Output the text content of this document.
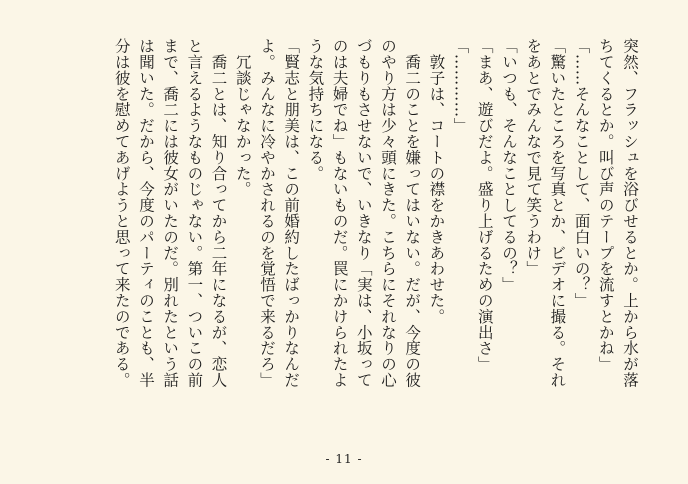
突然、フラッシュを浴びせるとか。上から水が落
ちてくるとか。叫び声のテープを流すとかね」
「……そんなことして、面白いの？」
「驚いたところを写真とか、ビデオに撮る。それ
をあとでみんなで見て笑うわけ」
「いつも、そんなことしてるの？」
「まあ、遊びだよ。盛り上げるための演出さ」
「…………」
　敦子は、コートの襟をかきあわせた。
　喬二のことを嫌ってはいない。だが、今度の彼
のやり方は少々頭にきた。こちらにそれなりの心
づもりもさせないで、いきなり「実は、小坂って
のは夫婦でね」もないものだ。罠にかけられたよ
うな気持ちになる。
「賢志と朋美は、この前婚約したばっかりなんだ
よ。みんなに冷やかされるのを覚悟で来るだろ」
　冗談じゃなかった。
　喬二とは、知り合ってから二年になるが、恋人
と言えるようなものじゃない。第一、ついこの前
まで、喬二には彼女がいたのだ。別れたという話
は聞いた。だから、今度のパーティのことも、半
分は彼を慰めてあげようと思って来たのである。
- 11 -
